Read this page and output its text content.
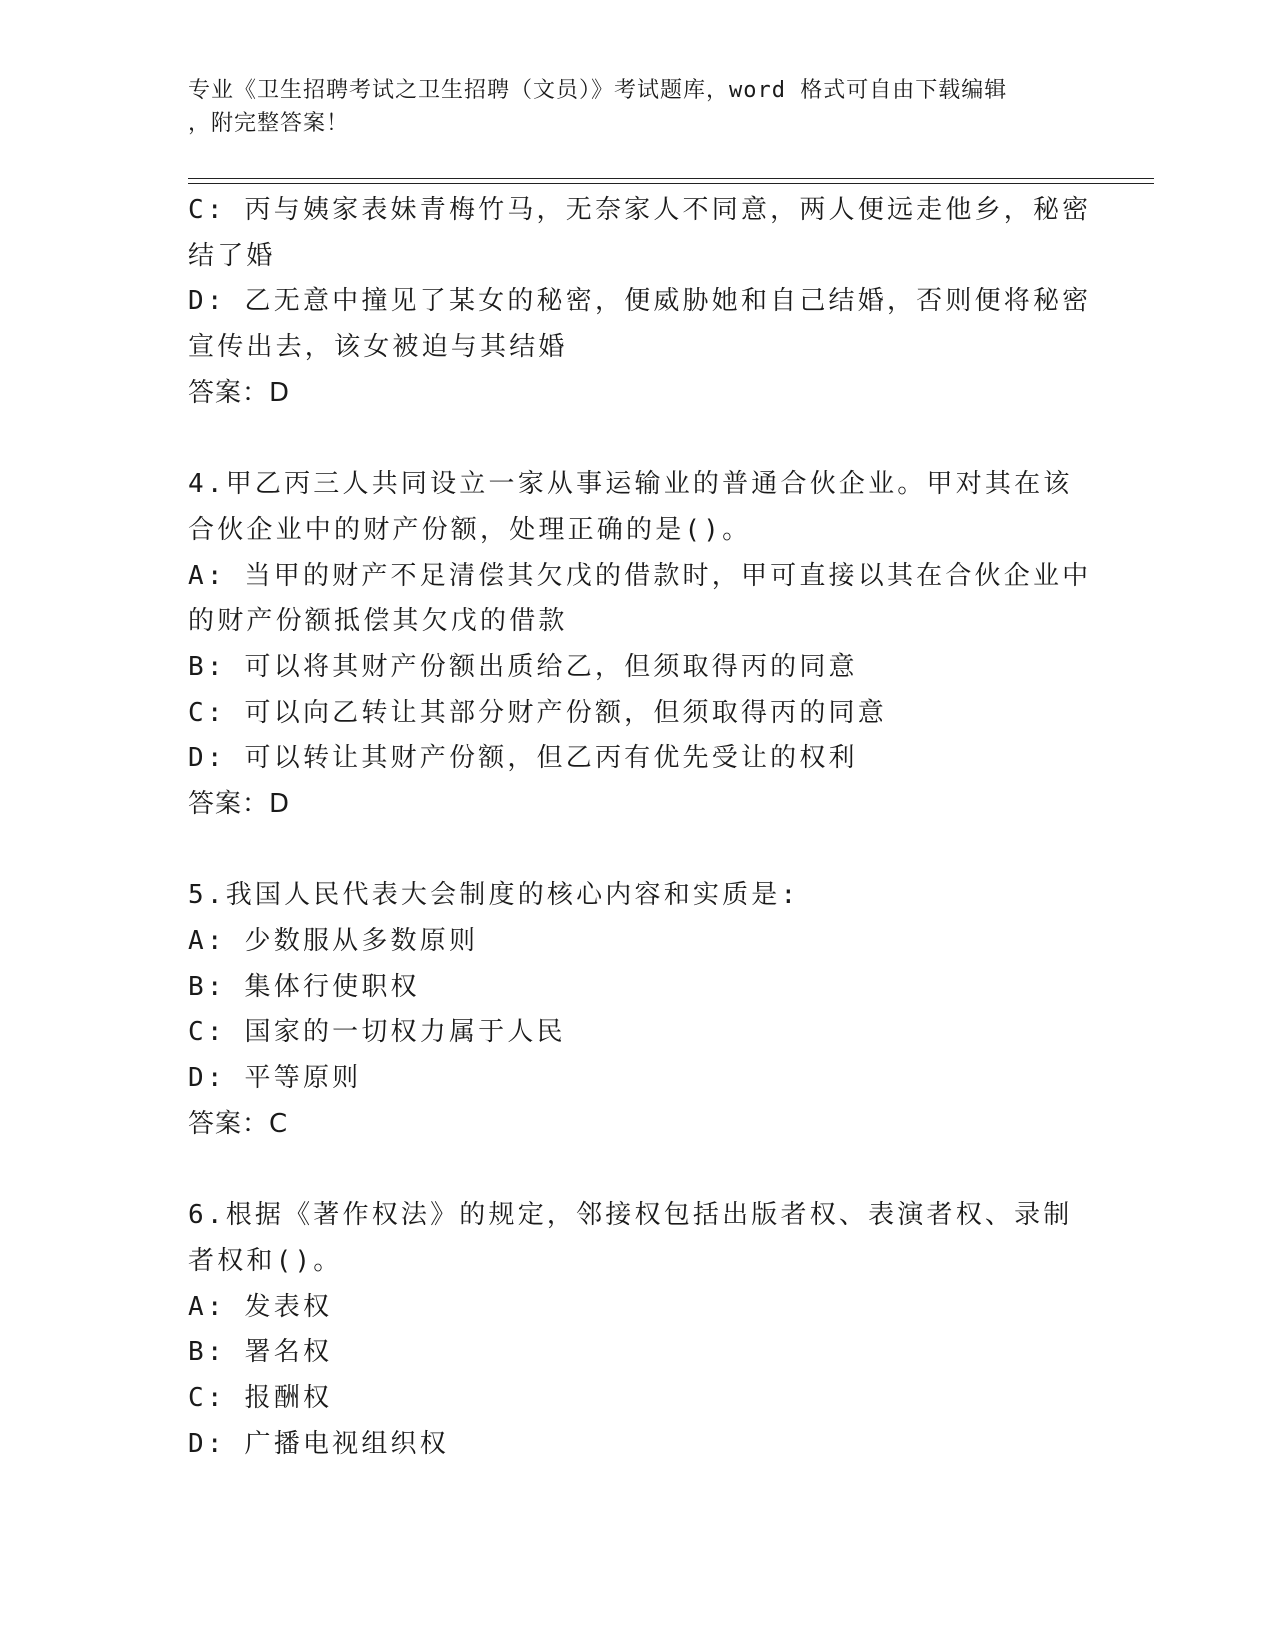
专业《卫生招聘考试之卫生招聘（文员）》考试题库，word 格式可自由下载编辑
，附完整答案！
C: 丙与姨家表妹青梅竹马，无奈家人不同意，两人便远走他乡，秘密
结了婚
D: 乙无意中撞见了某女的秘密，便威胁她和自己结婚，否则便将秘密
宣传出去，该女被迫与其结婚
答案：D
4.甲乙丙三人共同设立一家从事运输业的普通合伙企业。甲对其在该
合伙企业中的财产份额，处理正确的是()。
A: 当甲的财产不足清偿其欠戊的借款时，甲可直接以其在合伙企业中
的财产份额抵偿其欠戊的借款
B: 可以将其财产份额出质给乙，但须取得丙的同意
C: 可以向乙转让其部分财产份额，但须取得丙的同意
D: 可以转让其财产份额，但乙丙有优先受让的权利
答案：D
5.我国人民代表大会制度的核心内容和实质是:
A: 少数服从多数原则
B: 集体行使职权
C: 国家的一切权力属于人民
D: 平等原则
答案：C
6.根据《著作权法》的规定，邻接权包括出版者权、表演者权、录制
者权和()。
A: 发表权
B: 署名权
C: 报酬权
D: 广播电视组织权
